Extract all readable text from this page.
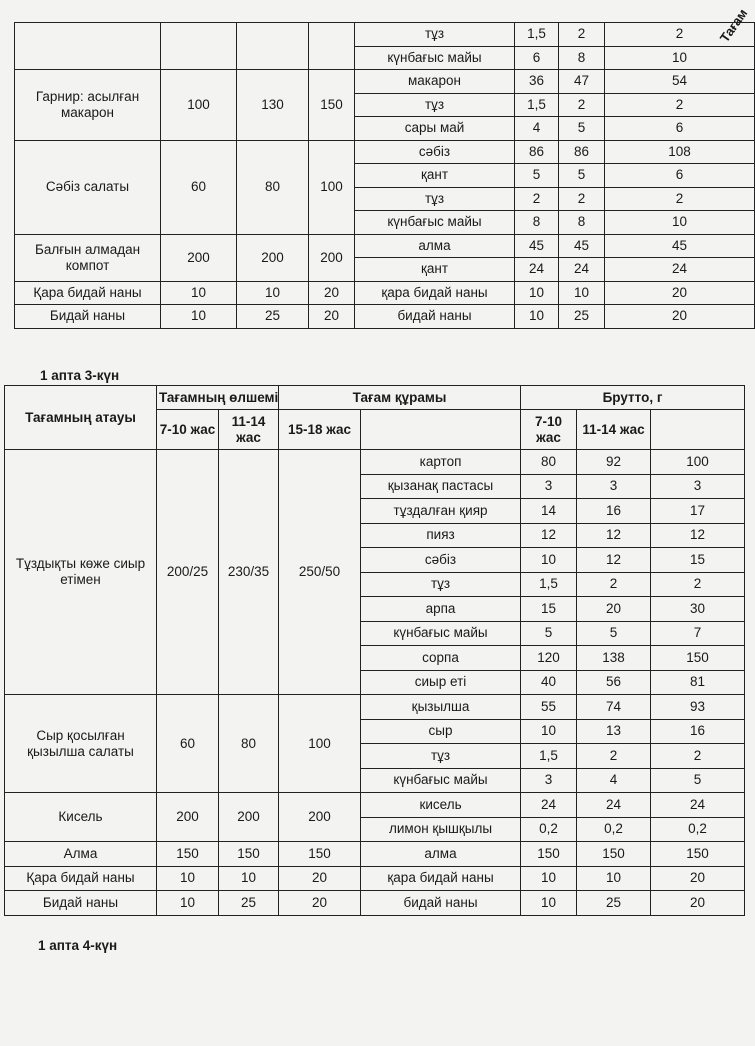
Тағам
				тұз	1,5	2	2
				күнбағыс майы	6	8	10
Гарнир: асылған макарон	100	130	150	макарон	36	47	54
				тұз	1,5	2	2
				сары май	4	5	6
Сәбіз салаты	60	80	100	сәбіз	86	86	108
				қант	5	5	6
				тұз	2	2	2
				күнбағыс майы	8	8	10
Балғын алмадан компот	200	200	200	алма	45	45	45
				қант	24	24	24
Қара бидай наны	10	10	20	қара бидай наны	10	10	20
Бидай наны	10	25	20	бидай наны	10	25	20
1 апта 3-күн
Тағамның атауы	Тағамның өлшемі		Тағам құрамы		Брутто, г		
	7-10 жас	11-14 жас	15-18 жас		7-10 жас	11-14 жас	
Тұздықты көже сиыр етімен	200/25	230/35	250/50	картоп	80	92	100
				қызанақ пастасы	3	3	3
				тұздалған қияр	14	16	17
				пияз	12	12	12
				сәбіз	10	12	15
				тұз	1,5	2	2
				арпа	15	20	30
				күнбағыс майы	5	5	7
				сорпа	120	138	150
				сиыр еті	40	56	81
Сыр қосылған қызылша салаты	60	80	100	қызылша	55	74	93
				сыр	10	13	16
				тұз	1,5	2	2
				күнбағыс майы	3	4	5
Кисель	200	200	200	кисель	24	24	24
				лимон қышқылы	0,2	0,2	0,2
Алма	150	150	150	алма	150	150	150
Қара бидай наны	10	10	20	қара бидай наны	10	10	20
Бидай наны	10	25	20	бидай наны	10	25	20
1 апта 4-күн
